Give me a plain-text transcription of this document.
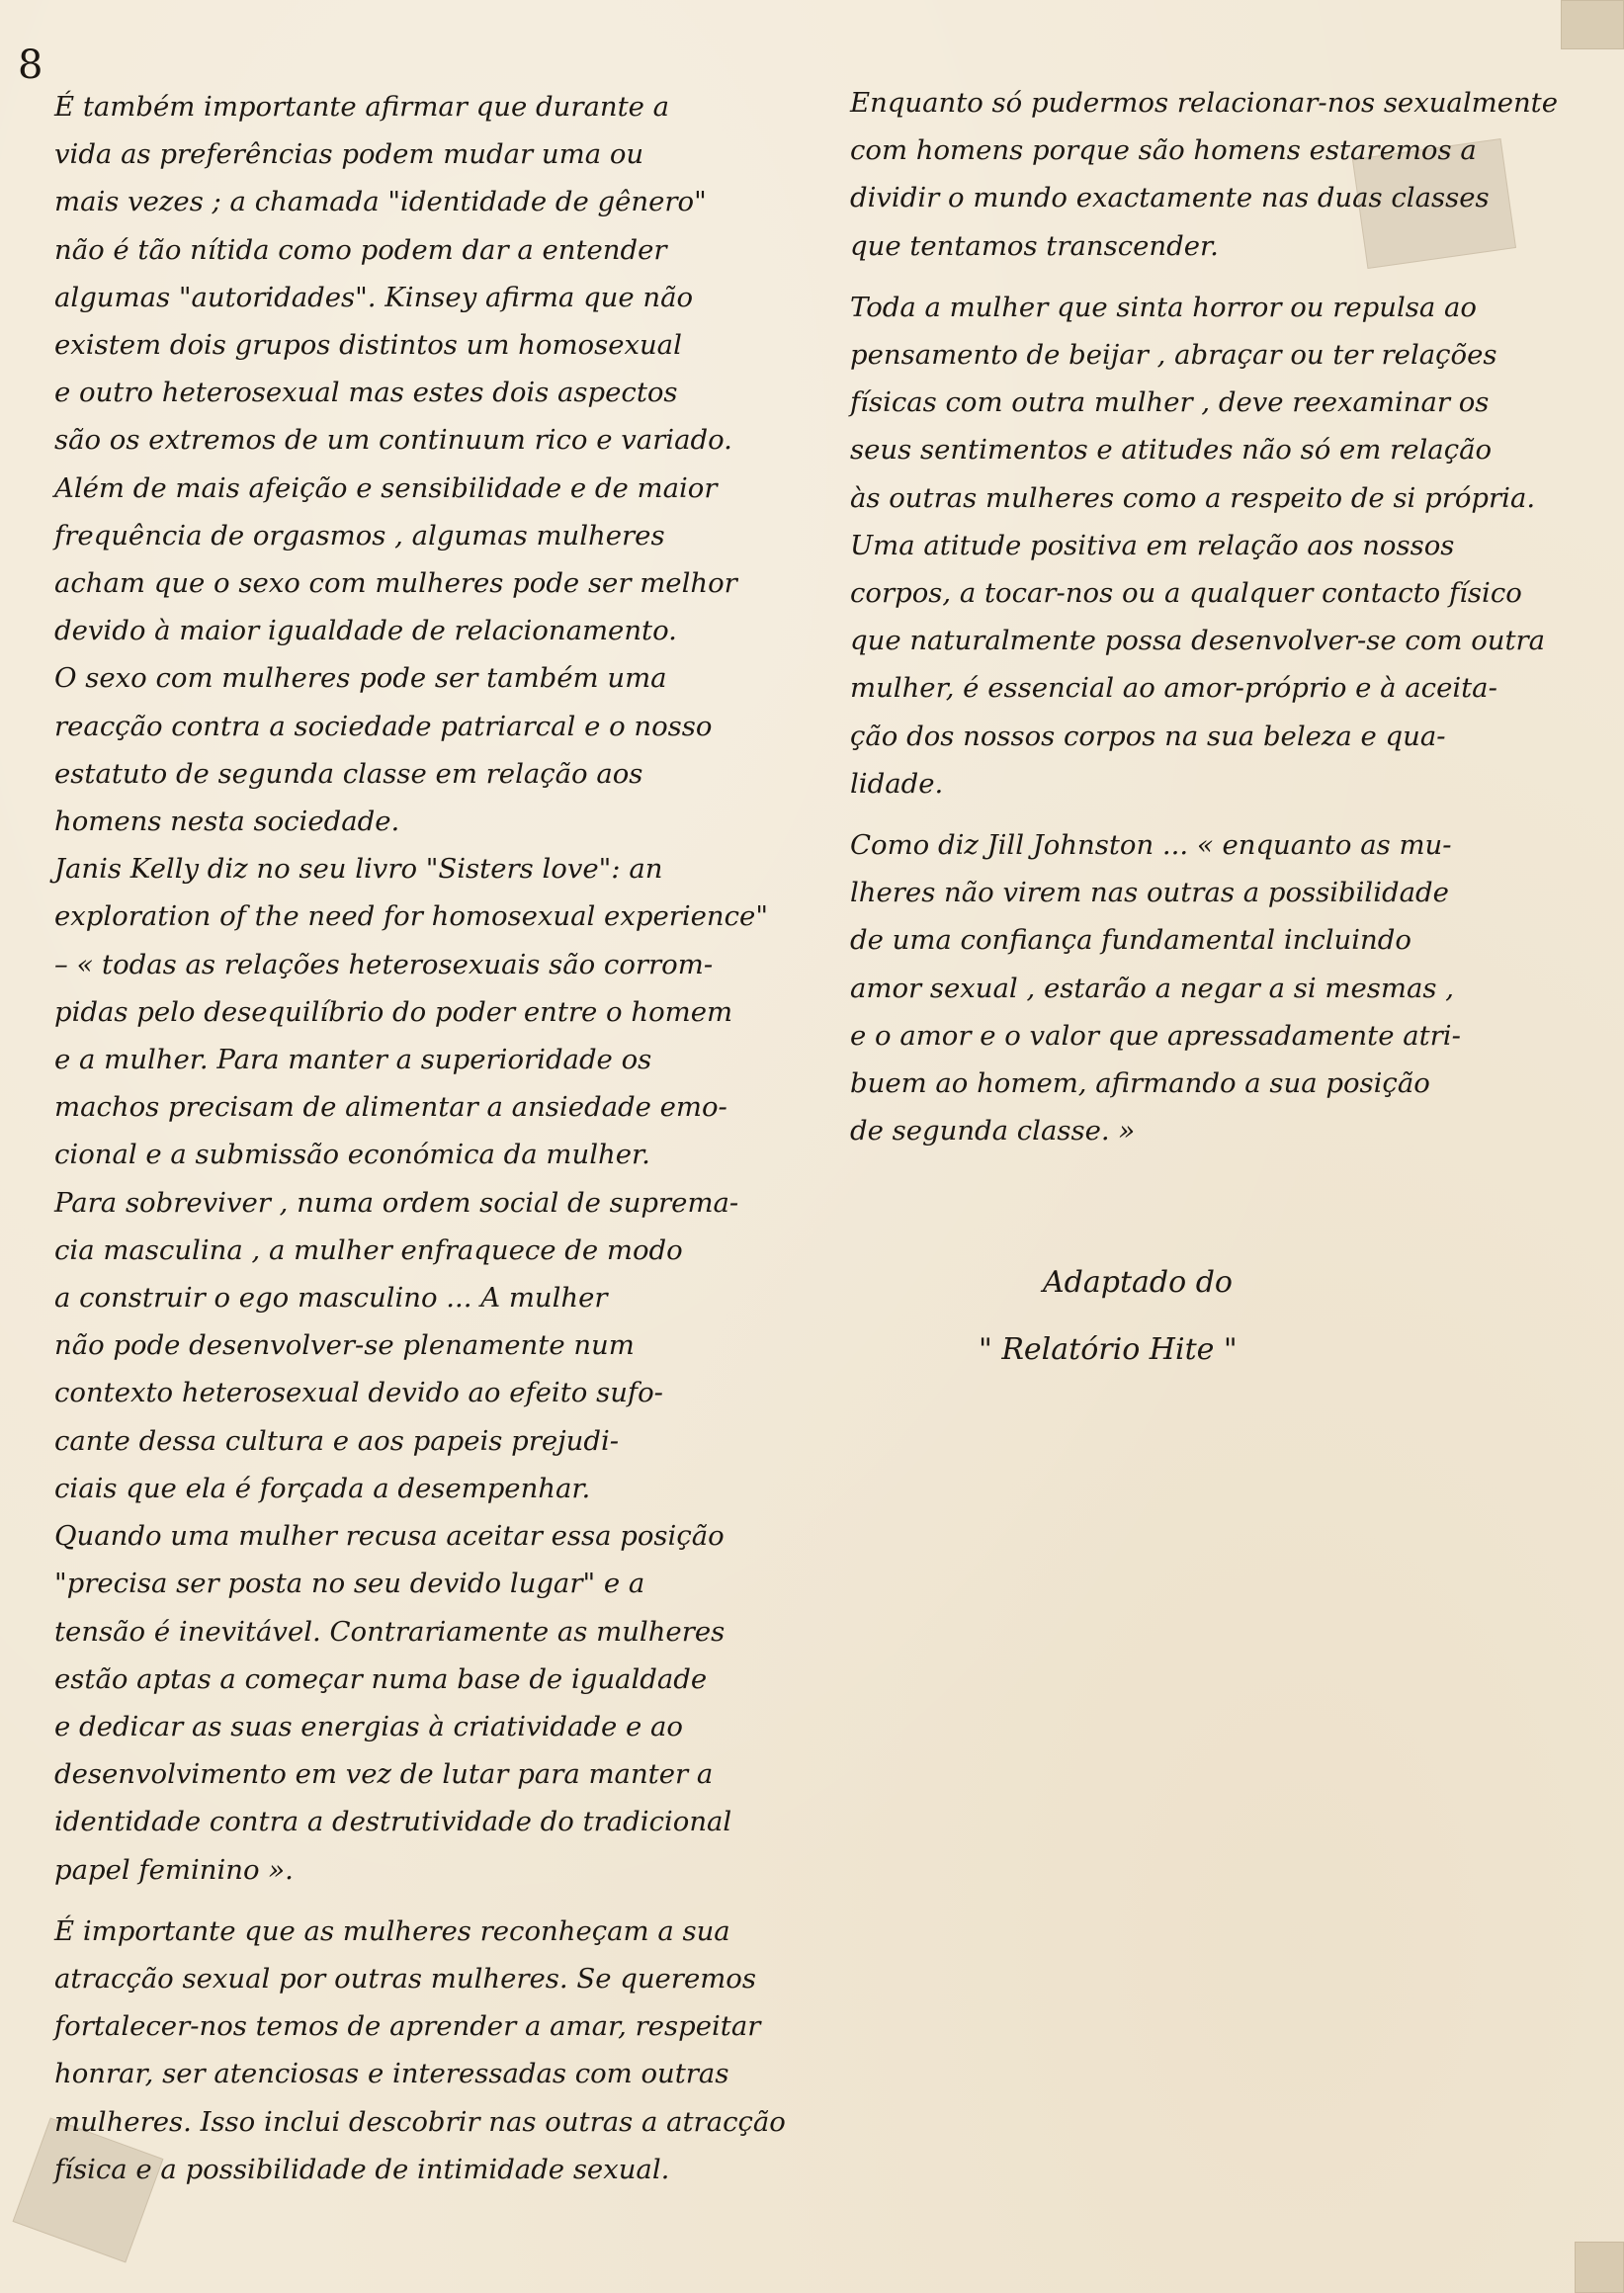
8
É também importante afirmar que durante a
vida as preferências podem mudar uma ou
mais vezes ; a chamada "identidade de gênero"
não é tão nítida como podem dar a entender
algumas "autoridades". Kinsey afirma que não
existem dois grupos distintos um homosexual
e outro heterosexual mas estes dois aspectos
são os extremos de um continuum rico e variado.
Além de mais afeição e sensibilidade e de maior
frequência de orgasmos , algumas mulheres
acham que o sexo com mulheres pode ser melhor
devido à maior igualdade de relacionamento.
O sexo com mulheres pode ser também uma
reacção contra a sociedade patriarcal e o nosso
estatuto de segunda classe em relação aos
homens nesta sociedade.
Janis Kelly diz no seu livro "Sisters love": an
exploration of the need for homosexual experience"
– « todas as relações heterosexuais são corrom-
pidas pelo desequilíbrio do poder entre o homem
e a mulher. Para manter a superioridade os
machos precisam de alimentar a ansiedade emo-
cional e a submissão económica da mulher.
Para sobreviver , numa ordem social de suprema-
cia masculina , a mulher enfraquece de modo
a construir o ego masculino ... A mulher
não pode desenvolver-se plenamente num
contexto heterosexual devido ao efeito sufo-
cante dessa cultura e aos papeis prejudi-
ciais que ela é forçada a desempenhar.
Quando uma mulher recusa aceitar essa posição
"precisa ser posta no seu devido lugar" e a
tensão é inevitável. Contrariamente as mulheres
estão aptas a começar numa base de igualdade
e dedicar as suas energias à criatividade e ao
desenvolvimento em vez de lutar para manter a
identidade contra a destrutividade do tradicional
papel feminino ».
É importante que as mulheres reconheçam a sua
atracção sexual por outras mulheres. Se queremos
fortalecer-nos temos de aprender a amar, respeitar
honrar, ser atenciosas e interessadas com outras
mulheres. Isso inclui descobrir nas outras a atracção
física e a possibilidade de intimidade sexual.
Enquanto só pudermos relacionar-nos sexualmente
com homens porque são homens estaremos a
dividir o mundo exactamente nas duas classes
que tentamos transcender.
Toda a mulher que sinta horror ou repulsa ao
pensamento de beijar , abraçar ou ter relações
físicas com outra mulher , deve reexaminar os
seus sentimentos e atitudes não só em relação
às outras mulheres como a respeito de si própria.
Uma atitude positiva em relação aos nossos
corpos, a tocar-nos ou a qualquer contacto físico
que naturalmente possa desenvolver-se com outra
mulher, é essencial ao amor-próprio e à aceita-
ção dos nossos corpos na sua beleza e qua-
lidade.
Como diz Jill Johnston ... « enquanto as mu-
lheres não virem nas outras a possibilidade
de uma confiança fundamental incluindo
amor sexual , estarão a negar a si mesmas ,
e o amor e o valor que apressadamente atri-
buem ao homem, afirmando a sua posição
de segunda classe. »
Adaptado do
" Relatório Hite "
